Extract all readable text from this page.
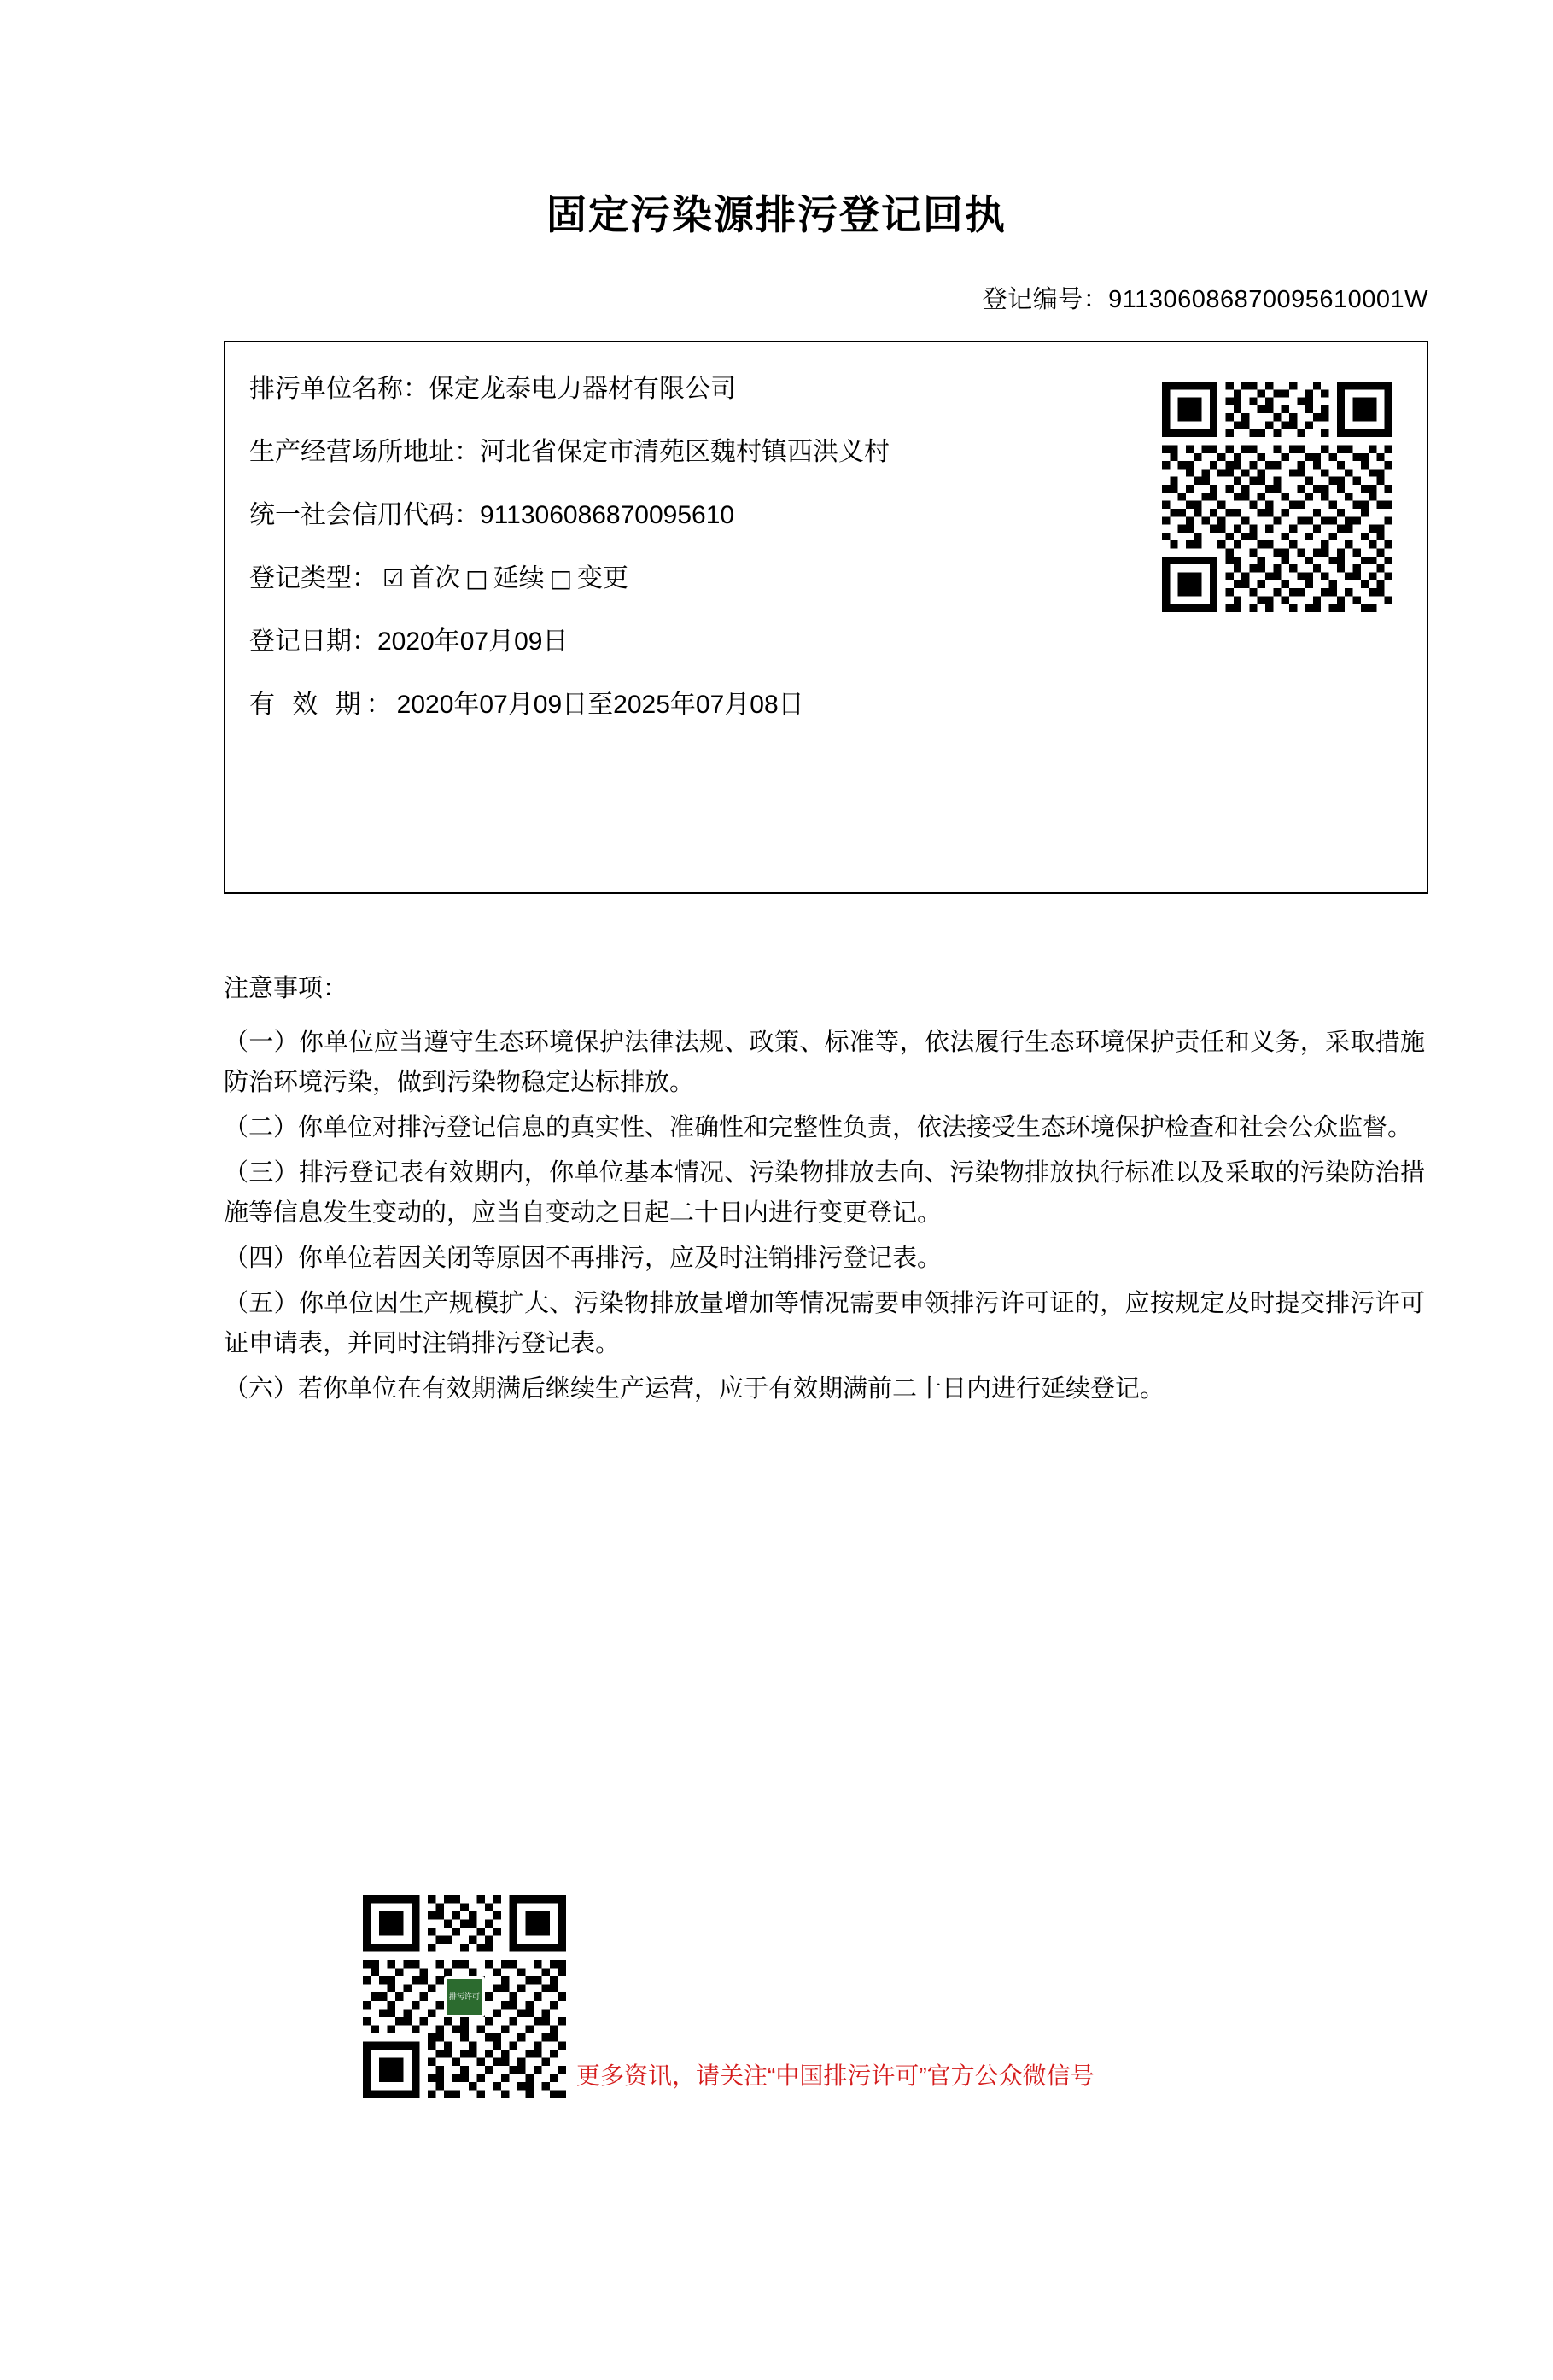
固定污染源排污登记回执
登记编号：911306086870095610001W
排污单位名称：保定龙泰电力器材有限公司
生产经营场所地址：河北省保定市清苑区魏村镇西洪义村
统一社会信用代码：911306086870095610
登记类型： ☑ 首次 □ 延续 □ 变更
登记日期：2020年07月09日
有 效 期：2020年07月09日至2025年07月08日
注意事项：
（一）你单位应当遵守生态环境保护法律法规、政策、标准等，依法履行生态环境保护责任和义务，采取措施防治环境污染，做到污染物稳定达标排放。
（二）你单位对排污登记信息的真实性、准确性和完整性负责，依法接受生态环境保护检查和社会公众监督。
（三）排污登记表有效期内，你单位基本情况、污染物排放去向、污染物排放执行标准以及采取的污染防治措施等信息发生变动的，应当自变动之日起二十日内进行变更登记。
（四）你单位若因关闭等原因不再排污，应及时注销排污登记表。
（五）你单位因生产规模扩大、污染物排放量增加等情况需要申领排污许可证的，应按规定及时提交排污许可证申请表，并同时注销排污登记表。
（六）若你单位在有效期满后继续生产运营，应于有效期满前二十日内进行延续登记。
排污许可
更多资讯，请关注“中国排污许可”官方公众微信号
